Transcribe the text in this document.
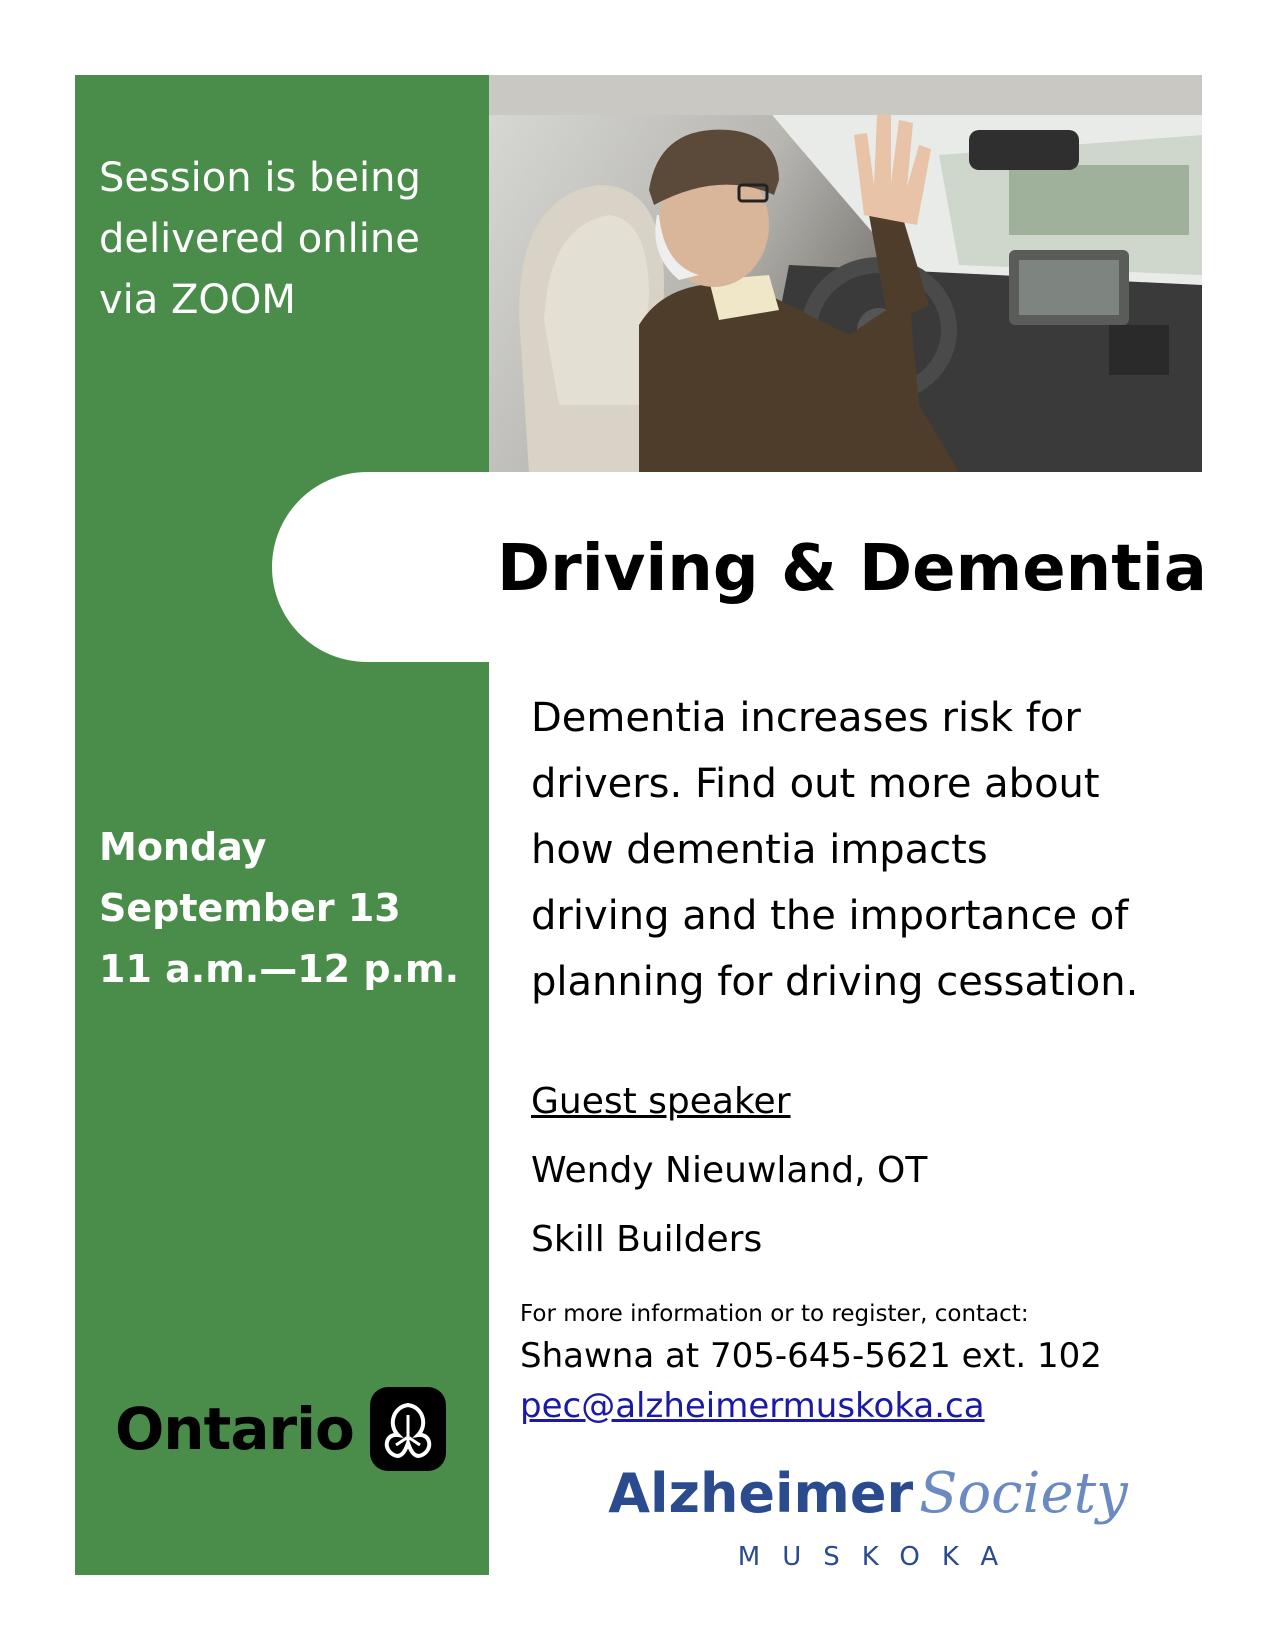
Session is being
delivered online
via ZOOM
Monday
September 13
11 a.m.—12 p.m.
Ontario
Driving & Dementia
Dementia increases risk for
drivers. Find out more about
how dementia impacts
driving and the importance of
planning for driving cessation.
Guest speaker
Wendy Nieuwland, OT
Skill Builders
For more information or to register, contact:
Shawna at 705-645-5621 ext. 102
pec@alzheimermuskoka.ca
Alzheimer Society
MUSKOKA
